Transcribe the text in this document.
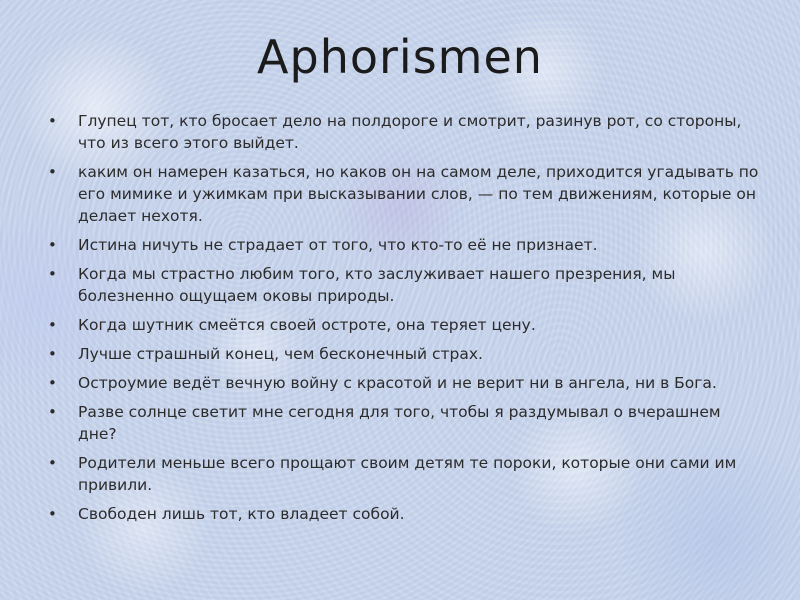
Aphorismen
• Глупец тот, кто бросает дело на полдороге и смотрит, разинув рот, со стороны, что из всего этого выйдет.
• каким он намерен казаться, но каков он на самом деле, приходится угадывать по его мимике и ужимкам при высказывании слов, — по тем движениям, которые он делает нехотя.
• Истина ничуть не страдает от того, что кто-то её не признает.
• Когда мы страстно любим того, кто заслуживает нашего презрения, мы болезненно ощущаем оковы природы.
• Когда шутник смеётся своей остроте, она теряет цену.
• Лучше страшный конец, чем бесконечный страх.
• Остроумие ведёт вечную войну с красотой и не верит ни в ангела, ни в Бога.
• Разве солнце светит мне сегодня для того, чтобы я раздумывал о вчерашнем дне?
• Родители меньше всего прощают своим детям те пороки, которые они сами им привили.
• Свободен лишь тот, кто владеет собой.
